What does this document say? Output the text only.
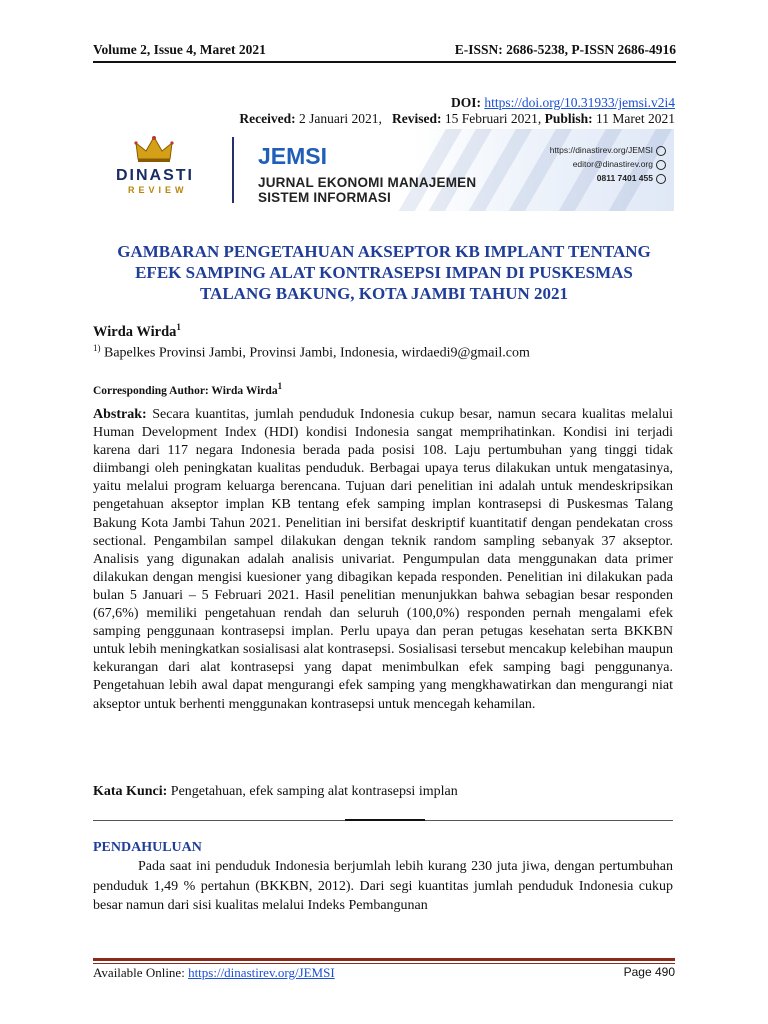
Volume 2, Issue 4, Maret 2021	E-ISSN: 2686-5238, P-ISSN 2686-4916
DOI: https://doi.org/10.31933/jemsi.v2i4
Received: 2 Januari 2021, Revised: 15 Februari 2021, Publish: 11 Maret 2021
DINASTI
REVIEW
JEMSI
JURNAL EKONOMI MANAJEMEN
SISTEM INFORMASI
https://dinastirev.org/JEMSI
editor@dinastirev.org
0811 7401 455
GAMBARAN PENGETAHUAN AKSEPTOR KB IMPLANT TENTANG
EFEK SAMPING ALAT KONTRASEPSI IMPAN DI PUSKESMAS
TALANG BAKUNG, KOTA JAMBI TAHUN 2021
Wirda Wirda$^1$
$^{1)}$ Bapelkes Provinsi Jambi, Provinsi Jambi, Indonesia, wirdaedi9@gmail.com
Corresponding Author: Wirda Wirda$^1$
Abstrak: Secara kuantitas, jumlah penduduk Indonesia cukup besar, namun secara kualitas melalui Human Development Index (HDI) kondisi Indonesia sangat memprihatinkan. Kondisi ini terjadi karena dari 117 negara Indonesia berada pada posisi 108. Laju pertumbuhan yang tinggi tidak diimbangi oleh peningkatan kualitas penduduk. Berbagai upaya terus dilakukan untuk mengatasinya, yaitu melalui program keluarga berencana. Tujuan dari penelitian ini adalah untuk mendeskripsikan pengetahuan akseptor implan KB tentang efek samping implan kontrasepsi di Puskesmas Talang Bakung Kota Jambi Tahun 2021. Penelitian ini bersifat deskriptif kuantitatif dengan pendekatan cross sectional. Pengambilan sampel dilakukan dengan teknik random sampling sebanyak 37 akseptor. Analisis yang digunakan adalah analisis univariat. Pengumpulan data menggunakan data primer dilakukan dengan mengisi kuesioner yang dibagikan kepada responden. Penelitian ini dilakukan pada bulan 5 Januari – 5 Februari 2021. Hasil penelitian menunjukkan bahwa sebagian besar responden (67,6%) memiliki pengetahuan rendah dan seluruh (100,0%) responden pernah mengalami efek samping penggunaan kontrasepsi implan. Perlu upaya dan peran petugas kesehatan serta BKKBN untuk lebih meningkatkan sosialisasi alat kontrasepsi. Sosialisasi tersebut mencakup kelebihan maupun kekurangan dari alat kontrasepsi yang dapat menimbulkan efek samping bagi penggunanya. Pengetahuan lebih awal dapat mengurangi efek samping yang mengkhawatirkan dan mengurangi niat akseptor untuk berhenti menggunakan kontrasepsi untuk mencegah kehamilan.
Kata Kunci: Pengetahuan, efek samping alat kontrasepsi implan
PENDAHULUAN
Pada saat ini penduduk Indonesia berjumlah lebih kurang 230 juta jiwa, dengan pertumbuhan penduduk 1,49 % pertahun (BKKBN, 2012). Dari segi kuantitas jumlah penduduk Indonesia cukup besar namun dari sisi kualitas melalui Indeks Pembangunan
Available Online: https://dinastirev.org/JEMSI	Page 490
